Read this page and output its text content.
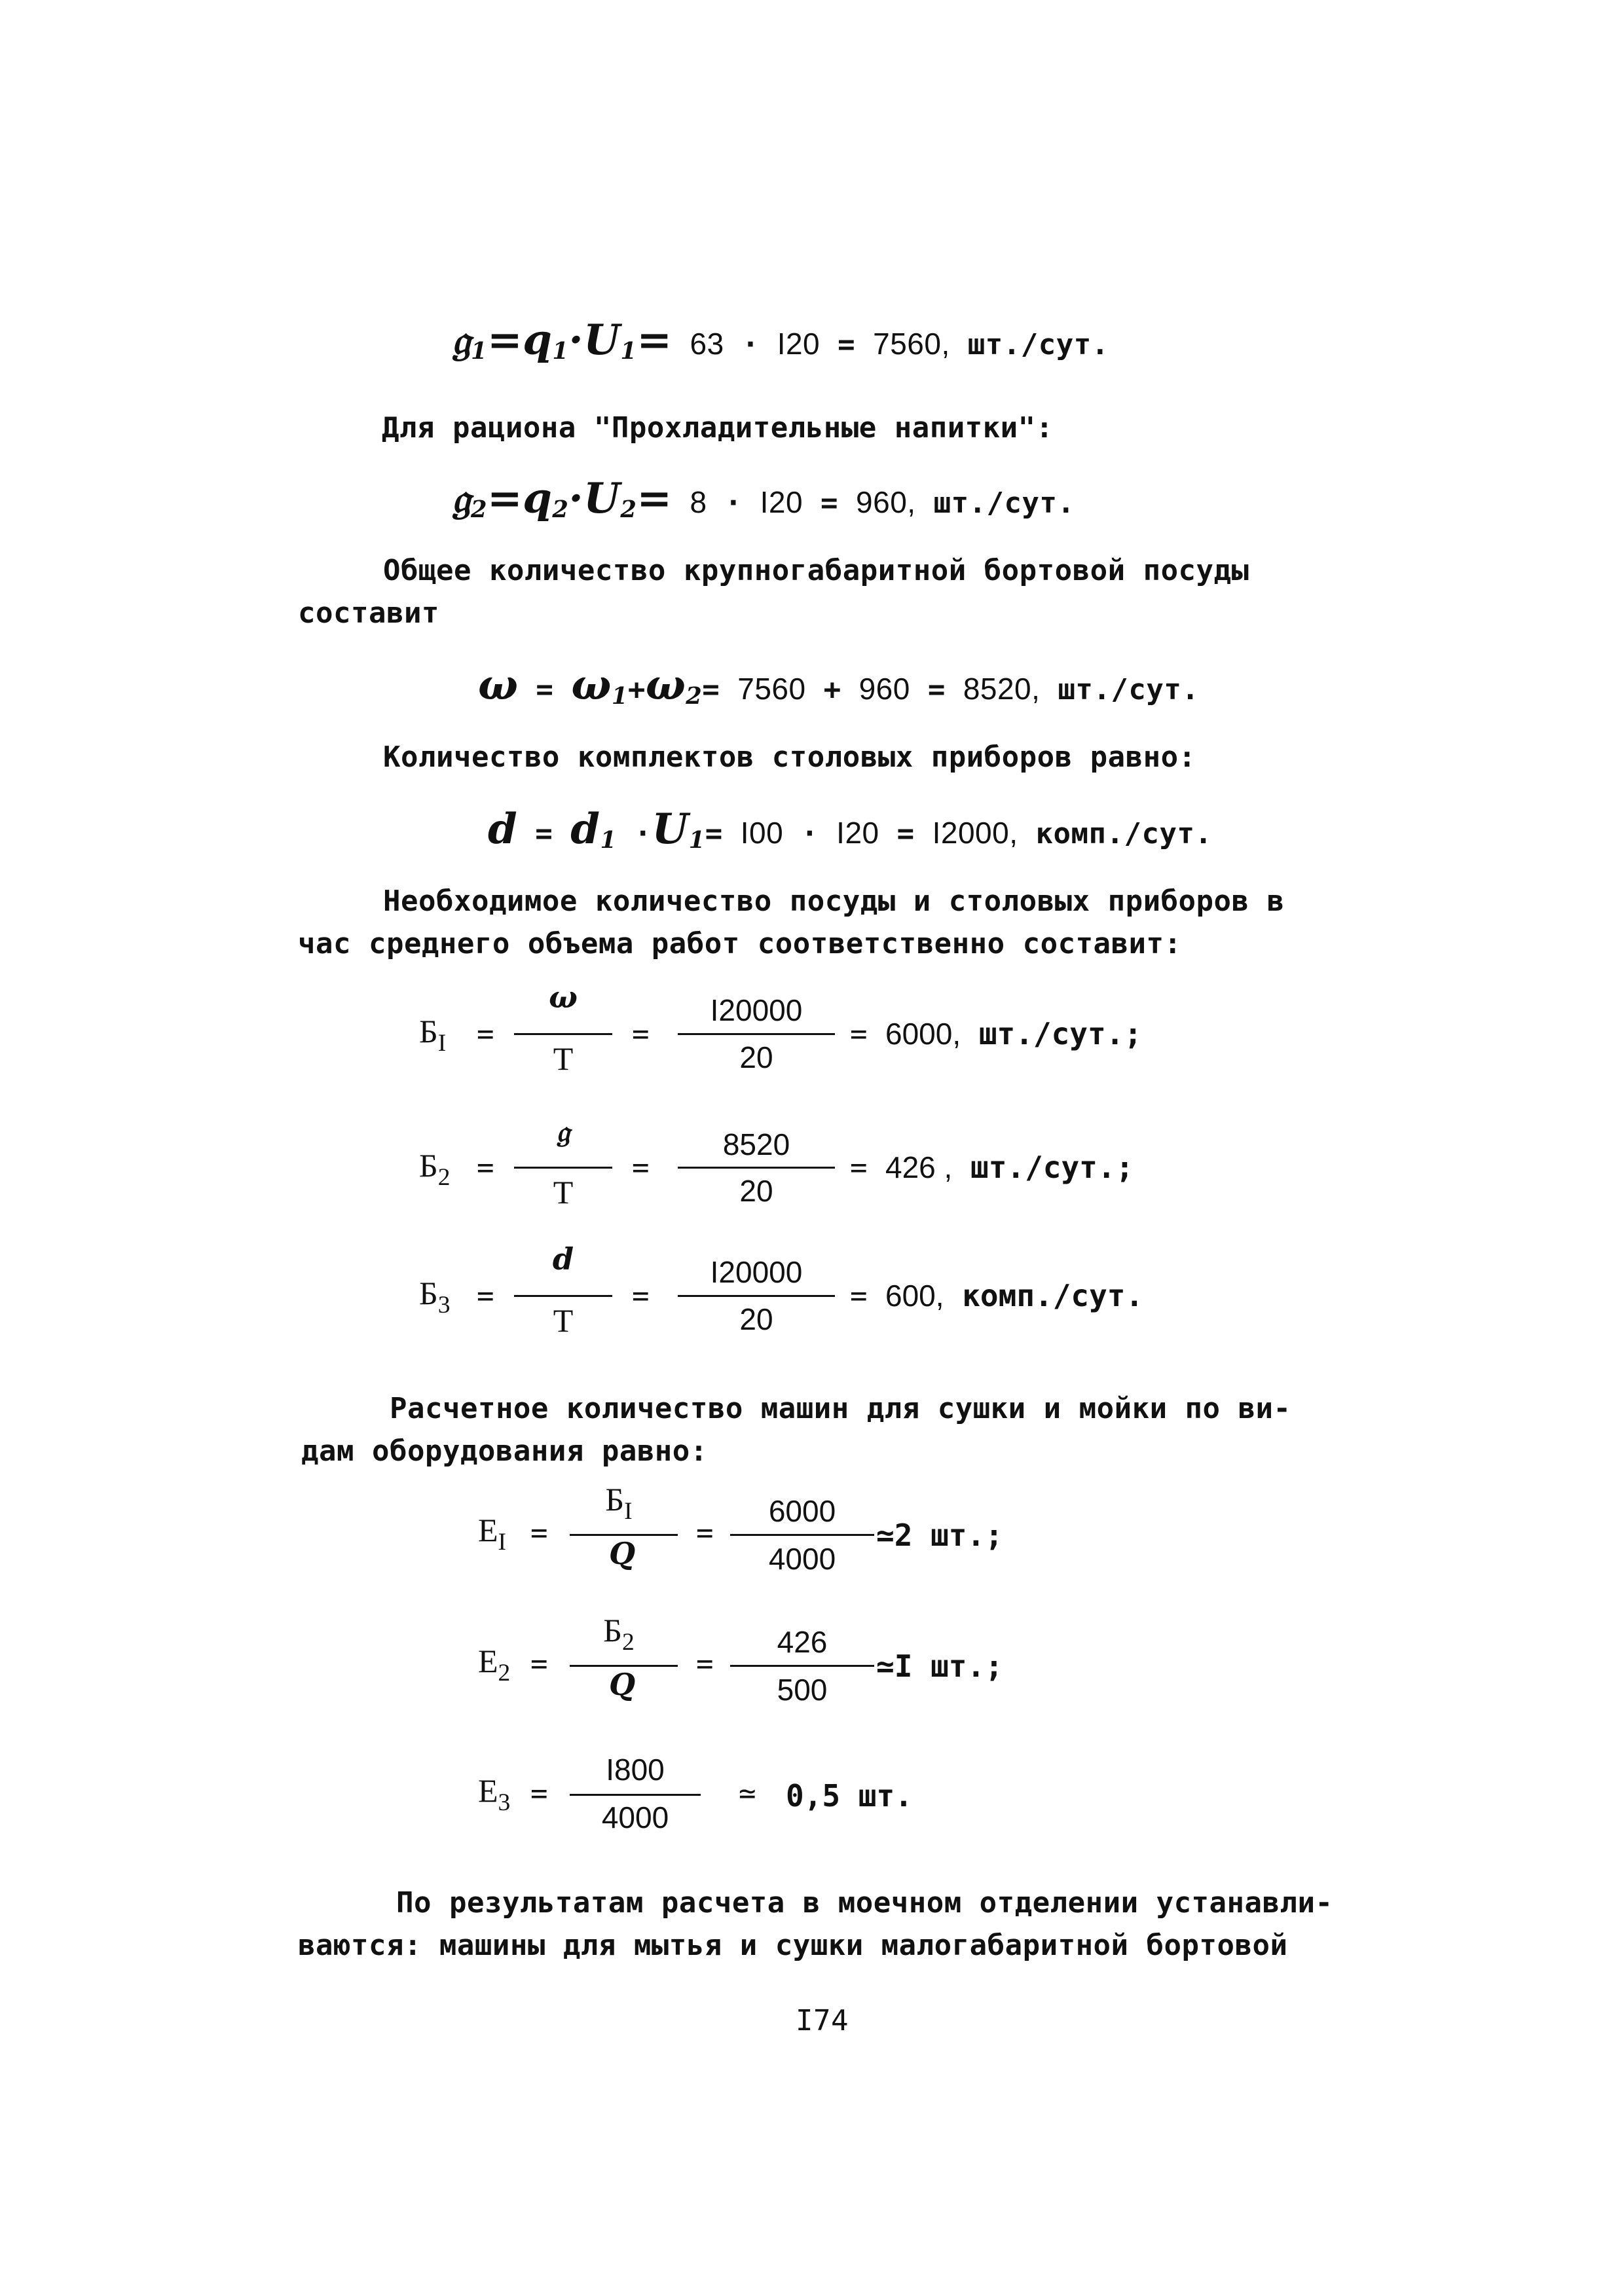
𝔤1=q1·U1= 63 · I20 = 7560, шт./сут.
Для рациона "Прохладительные напитки":
𝔤2=q2·U2= 8 · I20 = 960, шт./сут.
Общее количество крупногабаритной бортовой посуды
составит
ω = ω1+ω2= 7560 + 960 = 8520, шт./сут.
Количество комплектов столовых приборов равно:
d = d1 ·U1= I00 · I20 = I2000, комп./сут.
Необходимое количество посуды и столовых приборов в
час среднего объема работ соответственно составит:
$Б_I$ =
ω
T
=
I20000
20
= 6000, шт./сут.;
$Б_2$ =
𝔤
T
=
8520
20
= 426 , шт./сут.;
$Б_3$ =
d
T
=
I20000
20
= 600, комп./сут.
Расчетное количество машин для сушки и мойки по ви-
дам оборудования равно:
$E_I$ =
$Б_I$
Q
=
6000
4000
≃2 шт.;
$E_2$ =
$Б_2$
Q
=
426
500
≃I шт.;
$E_3$ =
I800
4000
≃ 0,5 шт.
По результатам расчета в моечном отделении устанавли-
ваются: машины для мытья и сушки малогабаритной бортовой
I74
